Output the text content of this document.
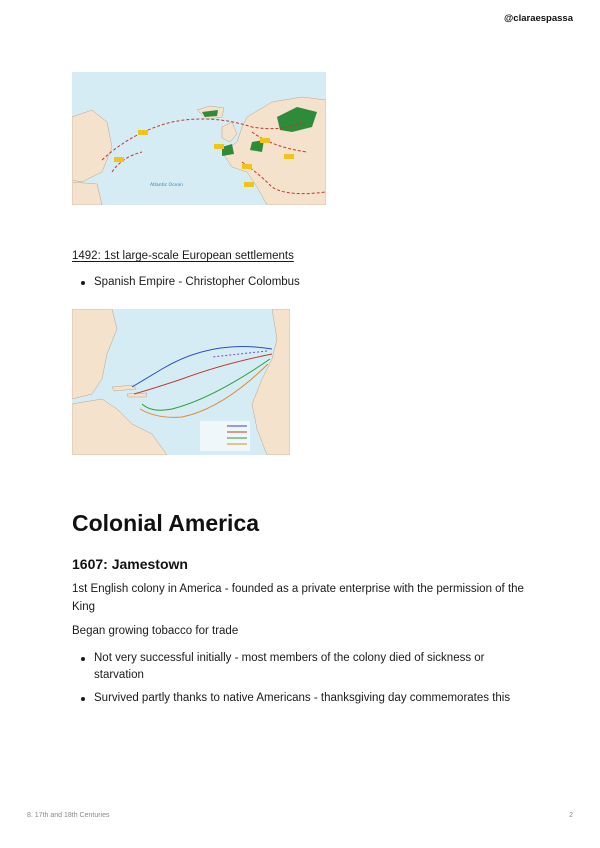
@claraespassa
Atlantic Ocean
1492: 1st large-scale European settlements
Spanish Empire - Christopher Colombus
Colonial America
1607: Jamestown

1st English colony in America - founded as a private enterprise with the permission of the King

Began growing tobacco for trade

Not very successful initially - most members of the colony died of sickness or starvation
Survived partly thanks to native Americans - thanksgiving day commemorates this
8. 17th and 18th Centuries	2
